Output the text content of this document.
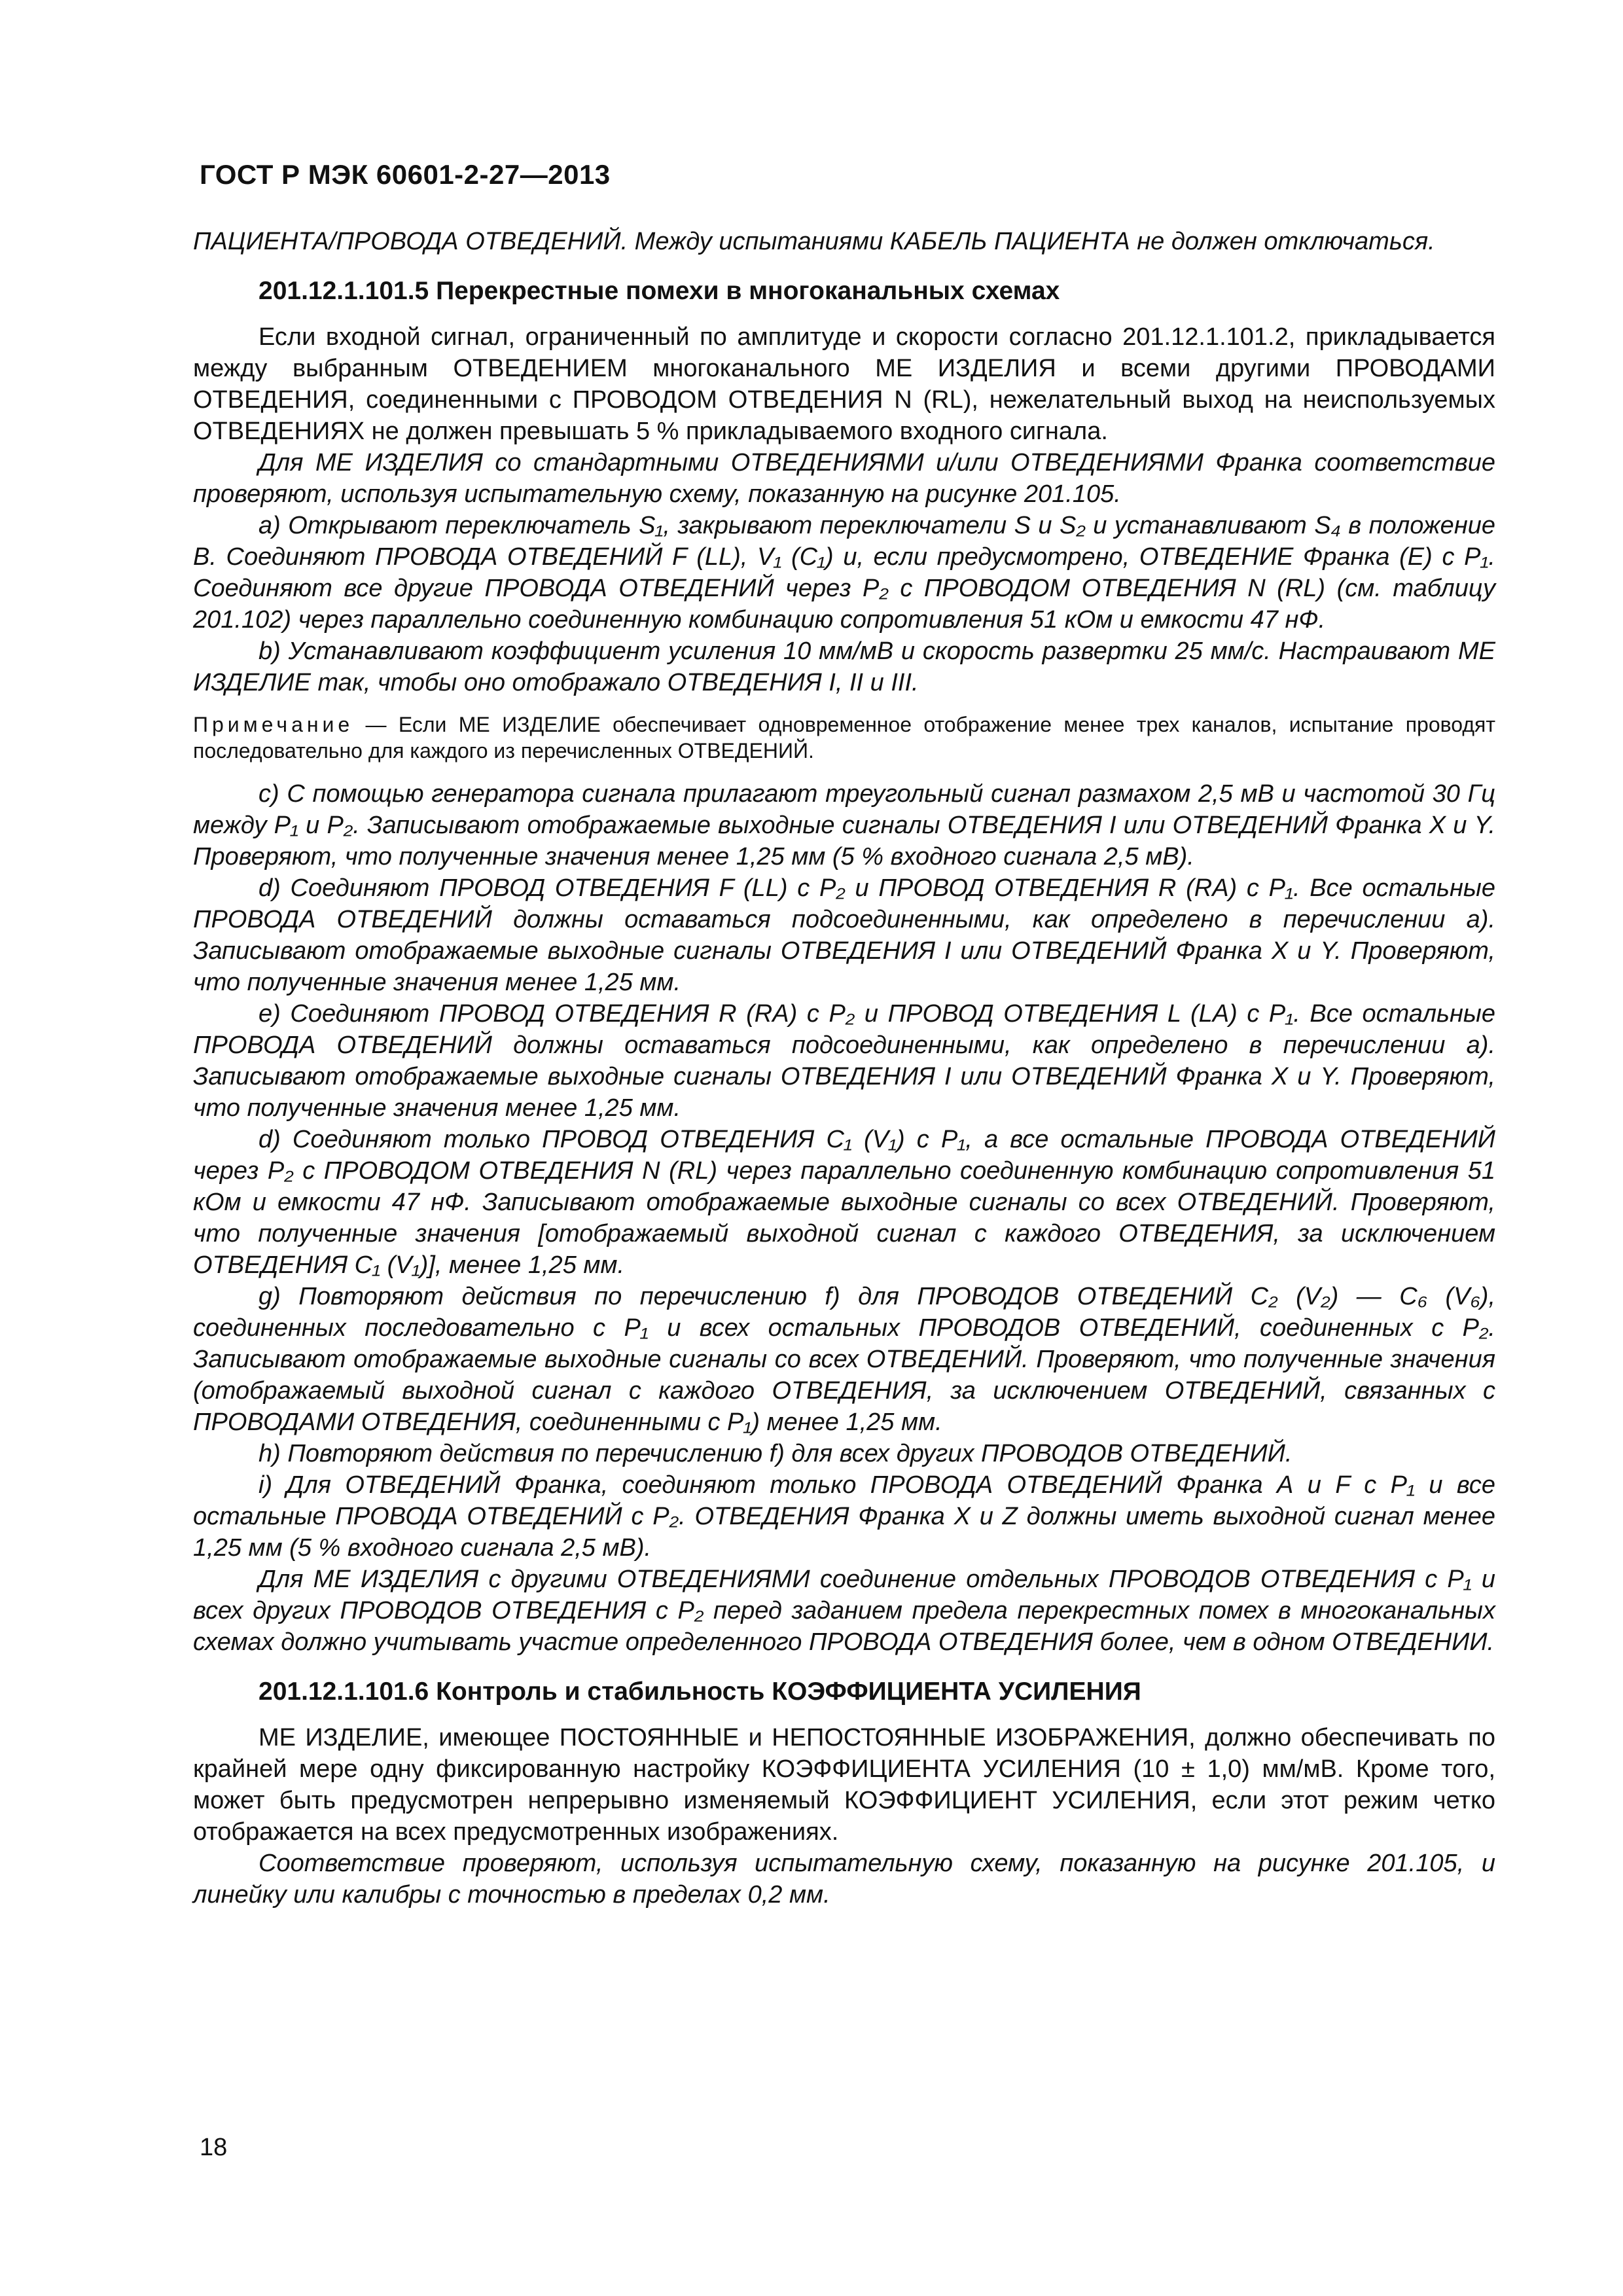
ГОСТ Р МЭК 60601-2-27—2013

ПАЦИЕНТА/ПРОВОДА ОТВЕДЕНИЙ. Между испытаниями КАБЕЛЬ ПАЦИЕНТА не должен отключаться.

201.12.1.101.5 Перекрестные помехи в многоканальных схемах

Если входной сигнал, ограниченный по амплитуде и скорости согласно 201.12.1.101.2, прикладывается между выбранным ОТВЕДЕНИЕМ многоканального МЕ ИЗДЕЛИЯ и всеми другими ПРОВОДАМИ ОТВЕДЕНИЯ, соединенными с ПРОВОДОМ ОТВЕДЕНИЯ N (RL), нежелательный выход на неиспользуемых ОТВЕДЕНИЯХ не должен превышать 5 % прикладываемого входного сигнала.

Для МЕ ИЗДЕЛИЯ со стандартными ОТВЕДЕНИЯМИ и/или ОТВЕДЕНИЯМИ Франка соответствие проверяют, используя испытательную схему, показанную на рисунке 201.105.

a) Открывают переключатель S₁, закрывают переключатели S и S₂ и устанавливают S₄ в положение B. Соединяют ПРОВОДА ОТВЕДЕНИЙ F (LL), V₁ (C₁) и, если предусмотрено, ОТВЕДЕНИЕ Франка (E) с P₁. Соединяют все другие ПРОВОДА ОТВЕДЕНИЙ через P₂ с ПРОВОДОМ ОТВЕДЕНИЯ N (RL) (см. таблицу 201.102) через параллельно соединенную комбинацию сопротивления 51 кОм и емкости 47 нФ.

b) Устанавливают коэффициент усиления 10 мм/мВ и скорость развертки 25 мм/с. Настраивают МЕ ИЗДЕЛИЕ так, чтобы оно отображало ОТВЕДЕНИЯ I, II и III.

Примечание — Если МЕ ИЗДЕЛИЕ обеспечивает одновременное отображение менее трех каналов, испытание проводят последовательно для каждого из перечисленных ОТВЕДЕНИЙ.

c) С помощью генератора сигнала прилагают треугольный сигнал размахом 2,5 мВ и частотой 30 Гц между P₁ и P₂. Записывают отображаемые выходные сигналы ОТВЕДЕНИЯ I или ОТВЕДЕНИЙ Франка X и Y. Проверяют, что полученные значения менее 1,25 мм (5 % входного сигнала 2,5 мВ).

d) Соединяют ПРОВОД ОТВЕДЕНИЯ F (LL) с P₂ и ПРОВОД ОТВЕДЕНИЯ R (RA) с P₁. Все остальные ПРОВОДА ОТВЕДЕНИЙ должны оставаться подсоединенными, как определено в перечислении а). Записывают отображаемые выходные сигналы ОТВЕДЕНИЯ I или ОТВЕДЕНИЙ Франка X и Y. Проверяют, что полученные значения менее 1,25 мм.

e) Соединяют ПРОВОД ОТВЕДЕНИЯ R (RA) с P₂ и ПРОВОД ОТВЕДЕНИЯ L (LA) с P₁. Все остальные ПРОВОДА ОТВЕДЕНИЙ должны оставаться подсоединенными, как определено в перечислении а). Записывают отображаемые выходные сигналы ОТВЕДЕНИЯ I или ОТВЕДЕНИЙ Франка X и Y. Проверяют, что полученные значения менее 1,25 мм.

d) Соединяют только ПРОВОД ОТВЕДЕНИЯ C₁ (V₁) с P₁, а все остальные ПРОВОДА ОТВЕДЕНИЙ через P₂ с ПРОВОДОМ ОТВЕДЕНИЯ N (RL) через параллельно соединенную комбинацию сопротивления 51 кОм и емкости 47 нФ. Записывают отображаемые выходные сигналы со всех ОТВЕДЕНИЙ. Проверяют, что полученные значения [отображаемый выходной сигнал с каждого ОТВЕДЕНИЯ, за исключением ОТВЕДЕНИЯ C₁ (V₁)], менее 1,25 мм.

g) Повторяют действия по перечислению f) для ПРОВОДОВ ОТВЕДЕНИЙ C₂ (V₂) — C₆ (V₆), соединенных последовательно с P₁ и всех остальных ПРОВОДОВ ОТВЕДЕНИЙ, соединенных с P₂. Записывают отображаемые выходные сигналы со всех ОТВЕДЕНИЙ. Проверяют, что полученные значения (отображаемый выходной сигнал с каждого ОТВЕДЕНИЯ, за исключением ОТВЕДЕНИЙ, связанных с ПРОВОДАМИ ОТВЕДЕНИЯ, соединенными с P₁) менее 1,25 мм.

h) Повторяют действия по перечислению f) для всех других ПРОВОДОВ ОТВЕДЕНИЙ.

i) Для ОТВЕДЕНИЙ Франка, соединяют только ПРОВОДА ОТВЕДЕНИЙ Франка А и F с P₁ и все остальные ПРОВОДА ОТВЕДЕНИЙ с P₂. ОТВЕДЕНИЯ Франка X и Z должны иметь выходной сигнал менее 1,25 мм (5 % входного сигнала 2,5 мВ).

Для МЕ ИЗДЕЛИЯ с другими ОТВЕДЕНИЯМИ соединение отдельных ПРОВОДОВ ОТВЕДЕНИЯ с P₁ и всех других ПРОВОДОВ ОТВЕДЕНИЯ с P₂ перед заданием предела перекрестных помех в многоканальных схемах должно учитывать участие определенного ПРОВОДА ОТВЕДЕНИЯ более, чем в одном ОТВЕДЕНИИ.

201.12.1.101.6 Контроль и стабильность КОЭФФИЦИЕНТА УСИЛЕНИЯ

МЕ ИЗДЕЛИЕ, имеющее ПОСТОЯННЫЕ и НЕПОСТОЯННЫЕ ИЗОБРАЖЕНИЯ, должно обеспечивать по крайней мере одну фиксированную настройку КОЭФФИЦИЕНТА УСИЛЕНИЯ (10 ± 1,0) мм/мВ. Кроме того, может быть предусмотрен непрерывно изменяемый КОЭФФИЦИЕНТ УСИЛЕНИЯ, если этот режим четко отображается на всех предусмотренных изображениях.

Соответствие проверяют, используя испытательную схему, показанную на рисунке 201.105, и линейку или калибры с точностью в пределах 0,2 мм.

18
